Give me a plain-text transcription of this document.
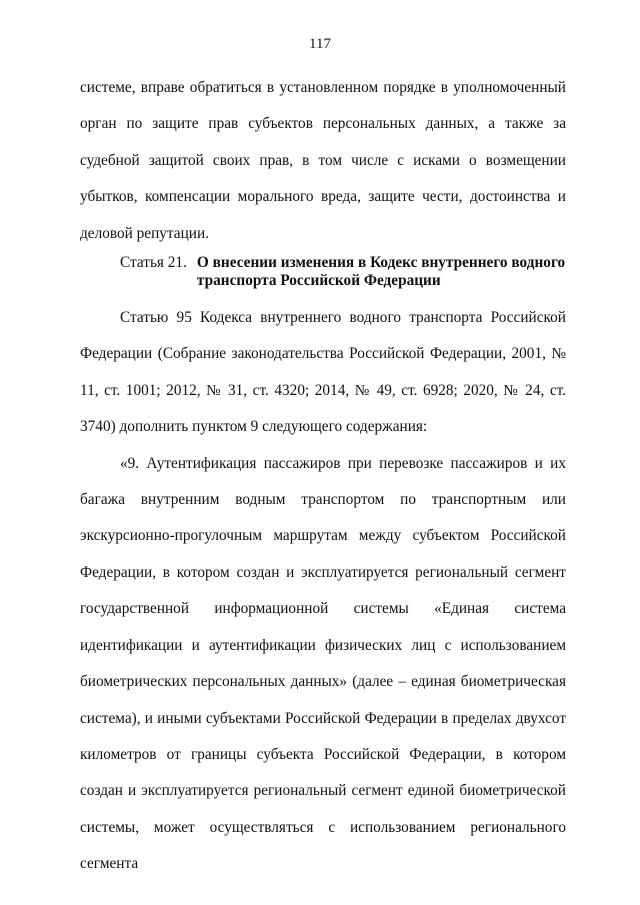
117

системе, вправе обратиться в установленном порядке в уполномоченный орган по защите прав субъектов персональных данных, а также за судебной защитой своих прав, в том числе с исками о возмещении убытков, компенсации морального вреда, защите чести, достоинства и деловой репутации.

Статья 21. О внесении изменения в Кодекс внутреннего водного транспорта Российской Федерации

Статью 95 Кодекса внутреннего водного транспорта Российской Федерации (Собрание законодательства Российской Федерации, 2001, № 11, ст. 1001; 2012, № 31, ст. 4320; 2014, № 49, ст. 6928; 2020, № 24, ст. 3740) дополнить пунктом 9 следующего содержания:

«9. Аутентификация пассажиров при перевозке пассажиров и их багажа внутренним водным транспортом по транспортным или экскурсионно-прогулочным маршрутам между субъектом Российской Федерации, в котором создан и эксплуатируется региональный сегмент государственной информационной системы «Единая система идентификации и аутентификации физических лиц с использованием биометрических персональных данных» (далее – единая биометрическая система), и иными субъектами Российской Федерации в пределах двухсот километров от границы субъекта Российской Федерации, в котором создан и эксплуатируется региональный сегмент единой биометрической системы, может осуществляться с использованием регионального сегмента
